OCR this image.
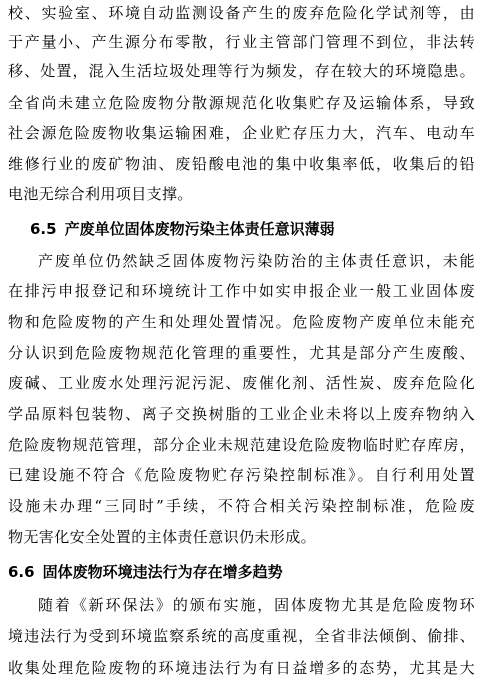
校、实验室、环境自动监测设备产生的废弃危险化学试剂等，由
于产量小、产生源分布零散，行业主管部门管理不到位，非法转
移、处置，混入生活垃圾处理等行为频发，存在较大的环境隐患。
全省尚未建立危险废物分散源规范化收集贮存及运输体系，导致
社会源危险废物收集运输困难，企业贮存压力大，汽车、电动车
维修行业的废矿物油、废铅酸电池的集中收集率低，收集后的铅
电池无综合利用项目支撑。
6.5 产废单位固体废物污染主体责任意识薄弱
产废单位仍然缺乏固体废物污染防治的主体责任意识，未能
在排污申报登记和环境统计工作中如实申报企业一般工业固体废
物和危险废物的产生和处理处置情况。危险废物产废单位未能充
分认识到危险废物规范化管理的重要性，尤其是部分产生废酸、
废碱、工业废水处理污泥污泥、废催化剂、活性炭、废弃危险化
学品原料包装物、离子交换树脂的工业企业未将以上废弃物纳入
危险废物规范管理，部分企业未规范建设危险废物临时贮存库房，
已建设施不符合《危险废物贮存污染控制标准》。自行利用处置
设施未办理“三同时”手续，不符合相关污染控制标准，危险废
物无害化安全处置的主体责任意识仍未形成。
6.6 固体废物环境违法行为存在增多趋势
随着《新环保法》的颁布实施，固体废物尤其是危险废物环
境违法行为受到环境监察系统的高度重视，全省非法倾倒、偷排、
收集处理危险废物的环境违法行为有日益增多的态势，尤其是大
